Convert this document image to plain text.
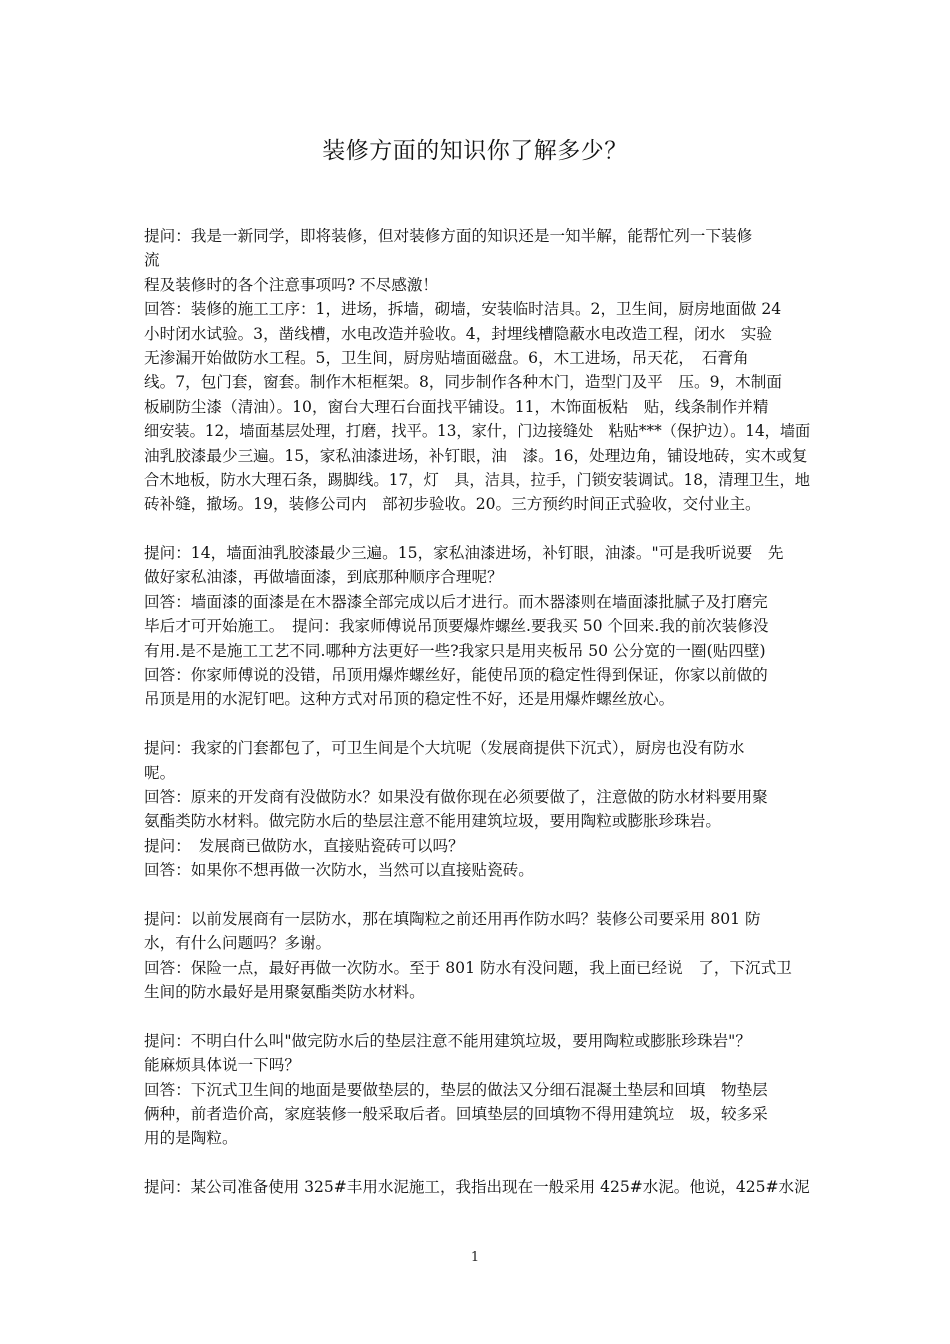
装修方面的知识你了解多少？
提问：我是一新同学，即将装修，但对装修方面的知识还是一知半解，能帮忙列一下装修
流
程及装修时的各个注意事项吗? 不尽感激！
回答：装修的施工工序：1，进场，拆墙，砌墙，安装临时洁具。2，卫生间，厨房地面做 24
小时闭水试验。3，凿线槽，水电改造并验收。4，封埋线槽隐蔽水电改造工程，闭水　实验
无渗漏开始做防水工程。5，卫生间，厨房贴墙面磁盘。6，木工进场，吊天花，　石膏角
线。7，包门套，窗套。制作木柜框架。8，同步制作各种木门，造型门及平　压。9，木制面
板刷防尘漆（清油）。10，窗台大理石台面找平铺设。11，木饰面板粘　贴，线条制作并精
细安装。12，墙面基层处理，打磨，找平。13，家什，门边接缝处　粘贴***（保护边）。14，墙面
油乳胶漆最少三遍。15，家私油漆进场，补钉眼，油　漆。16，处理边角，铺设地砖，实木或复
合木地板，防水大理石条，踢脚线。17，灯　具，洁具，拉手，门锁安装调试。18，清理卫生，地
砖补缝，撤场。19，装修公司内　部初步验收。20。三方预约时间正式验收，交付业主。
提问：14，墙面油乳胶漆最少三遍。15，家私油漆进场，补钉眼，油漆。"可是我听说要　先
做好家私油漆，再做墙面漆，到底那种顺序合理呢？
回答：墙面漆的面漆是在木器漆全部完成以后才进行。而木器漆则在墙面漆批腻子及打磨完
毕后才可开始施工。　提问：我家师傅说吊顶要爆炸螺丝.要我买 50 个回来.我的前次装修没
有用.是不是施工工艺不同.哪种方法更好一些?我家只是用夹板吊 50 公分宽的一圈(贴四壁)
回答：你家师傅说的没错，吊顶用爆炸螺丝好，能使吊顶的稳定性得到保证，你家以前做的
吊顶是用的水泥钉吧。这种方式对吊顶的稳定性不好，还是用爆炸螺丝放心。
提问：我家的门套都包了，可卫生间是个大坑呢（发展商提供下沉式），厨房也没有防水
呢。
回答：原来的开发商有没做防水？如果没有做你现在必须要做了，注意做的防水材料要用聚
氨酯类防水材料。做完防水后的垫层注意不能用建筑垃圾，要用陶粒或膨胀珍珠岩。
提问：　发展商已做防水，直接贴瓷砖可以吗？
回答：如果你不想再做一次防水，当然可以直接贴瓷砖。
提问：以前发展商有一层防水，那在填陶粒之前还用再作防水吗？装修公司要采用 801 防
水，有什么问题吗？多谢。
回答：保险一点，最好再做一次防水。至于 801 防水有没问题，我上面已经说　了，下沉式卫
生间的防水最好是用聚氨酯类防水材料。
提问：不明白什么叫"做完防水后的垫层注意不能用建筑垃圾，要用陶粒或膨胀珍珠岩"？
能麻烦具体说一下吗？
回答：下沉式卫生间的地面是要做垫层的，垫层的做法又分细石混凝土垫层和回填　物垫层
俩种，前者造价高，家庭装修一般采取后者。回填垫层的回填物不得用建筑垃　圾，较多采
用的是陶粒。
提问：某公司准备使用 325#丰用水泥施工，我指出现在一般采用 425#水泥。他说，425#水泥
1
